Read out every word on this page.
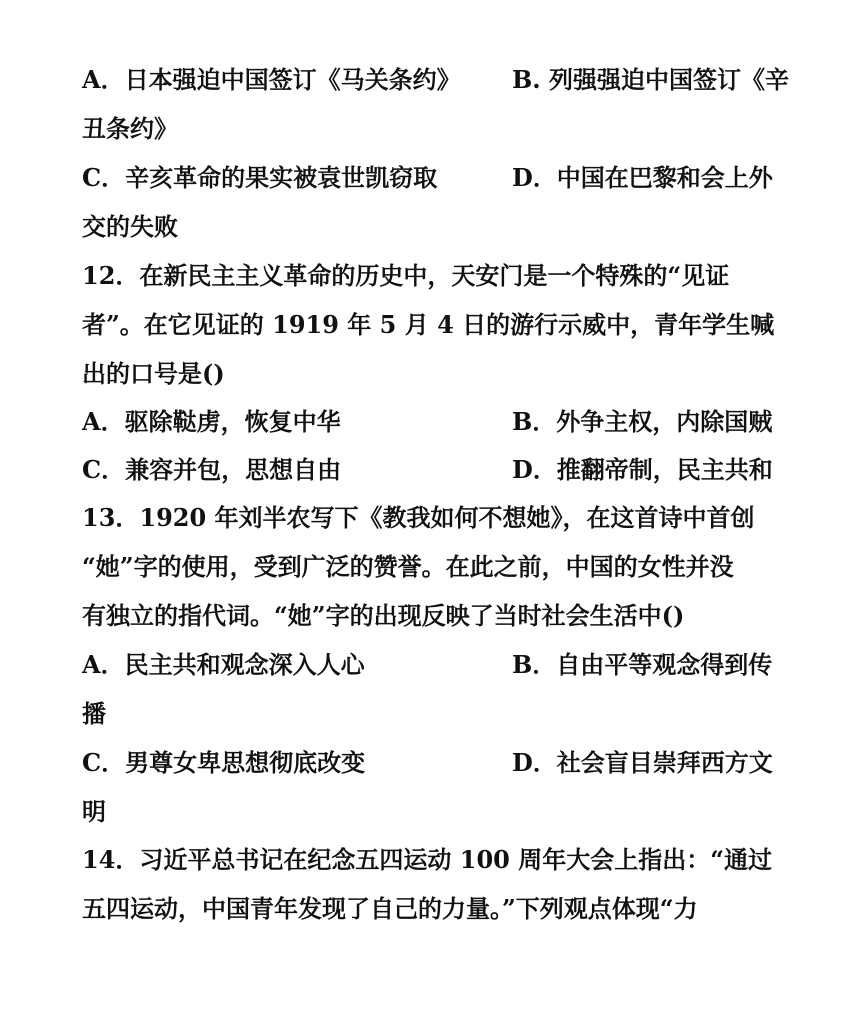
A．日本强迫中国签订《马关条约》 B. 列强强迫中国签订《辛
丑条约》
C．辛亥革命的果实被袁世凯窃取	D．中国在巴黎和会上外
交的失败
12．在新民主主义革命的历史中，天安门是一个特殊的“见证
者”。在它见证的 1919 年 5 月 4 日的游行示威中，青年学生喊
出的口号是()
A．驱除鞑虏，恢复中华	B．外争主权，内除国贼
C．兼容并包，思想自由	D．推翻帝制，民主共和
13．1920 年刘半农写下《教我如何不想她》，在这首诗中首创
“她”字的使用，受到广泛的赞誉。在此之前，中国的女性并没
有独立的指代词。“她”字的出现反映了当时社会生活中()
A．民主共和观念深入人心	B．自由平等观念得到传
播
C．男尊女卑思想彻底改变	D．社会盲目崇拜西方文
明
14．习近平总书记在纪念五四运动 100 周年大会上指出：“通过
五四运动，中国青年发现了自己的力量。”下列观点体现“力
